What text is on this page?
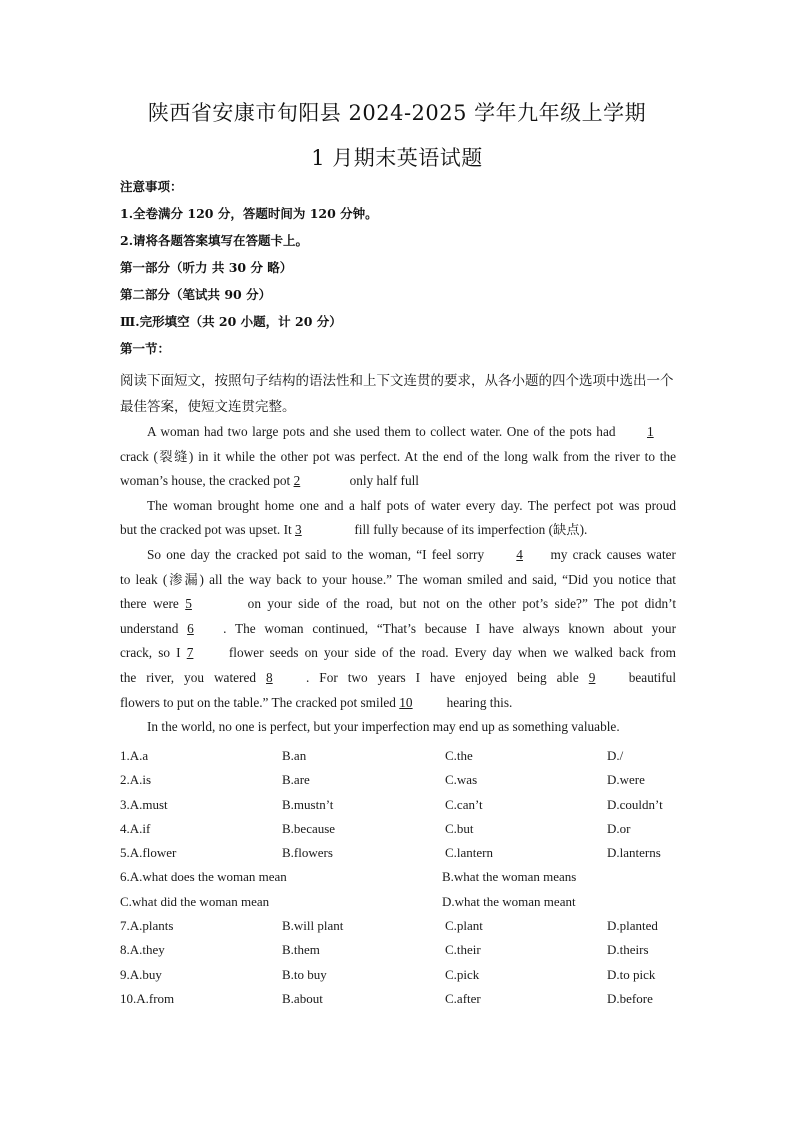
陕西省安康市旬阳县 2024-2025 学年九年级上学期
1 月期末英语试题
注意事项：
1.全卷满分 120 分，答题时间为 120 分钟。
2.请将各题答案填写在答题卡上。
第一部分（听力 共 30 分 略）
第二部分（笔试共 90 分）
Ⅲ.完形填空（共 20 小题，计 20 分）
第一节：
阅读下面短文，按照句子结构的语法性和上下文连贯的要求，从各小题的四个选项中选出一个最佳答案，使短文连贯完整。
A woman had two large pots and she used them to collect water. One of the pots had 1
crack (裂缝) in it while the other pot was perfect. At the end of the long walk from the river to the
woman’s house, the cracked pot 2	only half full
The woman brought home one and a half pots of water every day. The perfect pot was proud
but the cracked pot was upset. It 3	fill fully because of its imperfection (缺点).
So one day the cracked pot said to the woman, “I feel sorry 4 my crack causes water
to leak (渗漏) all the way back to your house.” The woman smiled and said, “Did you notice that
there were 5	on your side of the road, but not on the other pot’s side?” The pot didn’t
understand 6 . The woman continued, “That’s because I have always known about your
crack, so I 7	flower seeds on your side of the road. Every day when we walked back from
the river, you watered 8	. For two years I have enjoyed being able 9	beautiful
flowers to put on the table.” The cracked pot smiled 10	hearing this.
In the world, no one is perfect, but your imperfection may end up as something valuable.
1.A.a	B.an	C.the	D./
2.A.is	B.are	C.was	D.were
3.A.must	B.mustn’t	C.can’t	D.couldn’t
4.A.if	B.because	C.but	D.or
5.A.flower	B.flowers	C.lantern	D.lanterns
6.A.what does the woman mean	B.what the woman means
C.what did the woman mean	D.what the woman meant
7.A.plants	B.will plant	C.plant	D.planted
8.A.they	B.them	C.their	D.theirs
9.A.buy	B.to buy	C.pick	D.to pick
10.A.from	B.about	C.after	D.before
